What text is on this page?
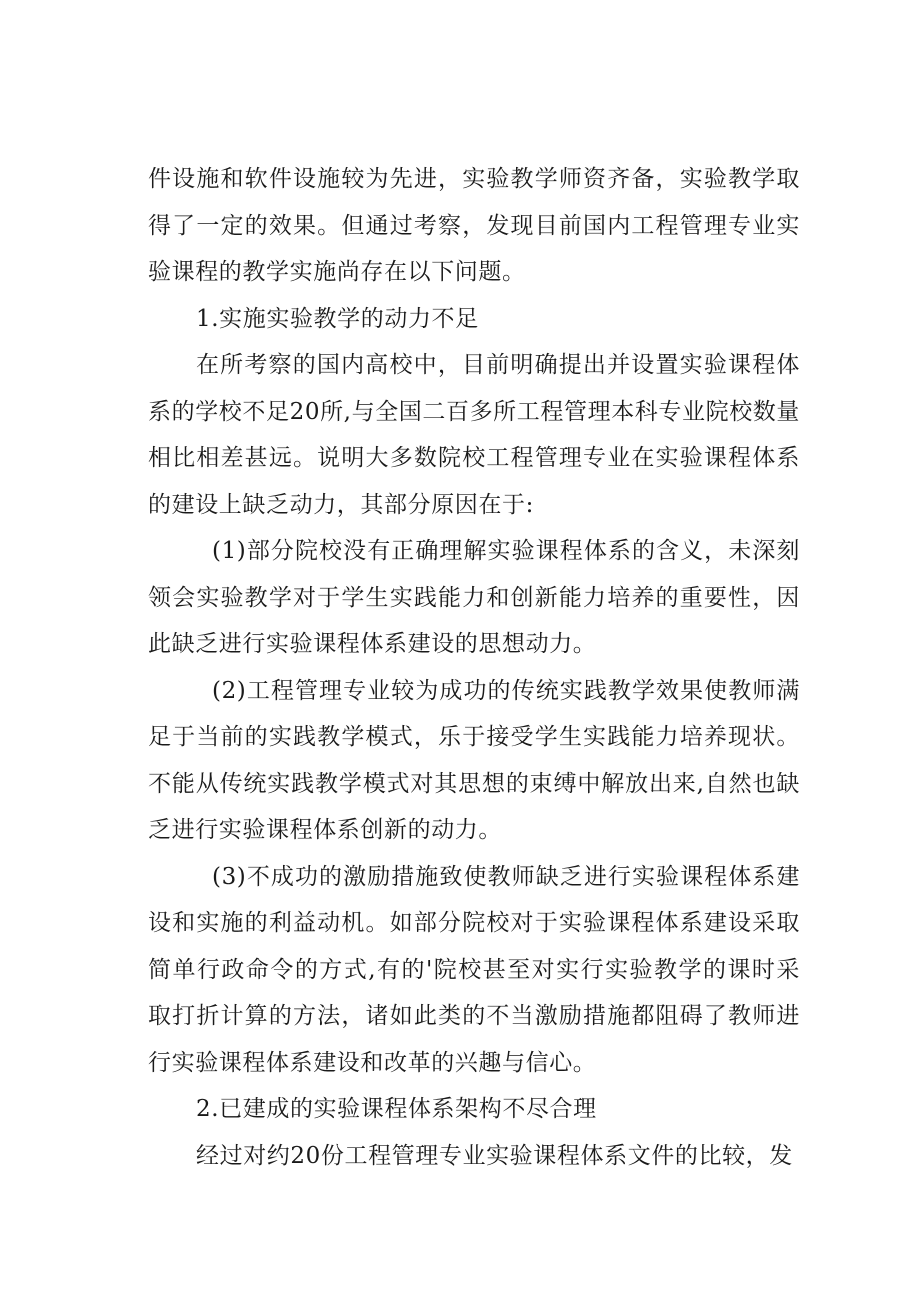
件设施和软件设施较为先进，实验教学师资齐备，实验教学取得了一定的效果。但通过考察，发现目前国内工程管理专业实验课程的教学实施尚存在以下问题。

1.实施实验教学的动力不足

在所考察的国内高校中，目前明确提出并设置实验课程体系的学校不足20所,与全国二百多所工程管理本科专业院校数量相比相差甚远。说明大多数院校工程管理专业在实验课程体系的建设上缺乏动力，其部分原因在于:

(1)部分院校没有正确理解实验课程体系的含义，未深刻领会实验教学对于学生实践能力和创新能力培养的重要性，因此缺乏进行实验课程体系建设的思想动力。

(2)工程管理专业较为成功的传统实践教学效果使教师满足于当前的实践教学模式，乐于接受学生实践能力培养现状。不能从传统实践教学模式对其思想的束缚中解放出来,自然也缺乏进行实验课程体系创新的动力。

(3)不成功的激励措施致使教师缺乏进行实验课程体系建设和实施的利益动机。如部分院校对于实验课程体系建设采取简单行政命令的方式,有的'院校甚至对实行实验教学的课时采取打折计算的方法，诸如此类的不当激励措施都阻碍了教师进行实验课程体系建设和改革的兴趣与信心。

2.已建成的实验课程体系架构不尽合理

经过对约20份工程管理专业实验课程体系文件的比较，发
